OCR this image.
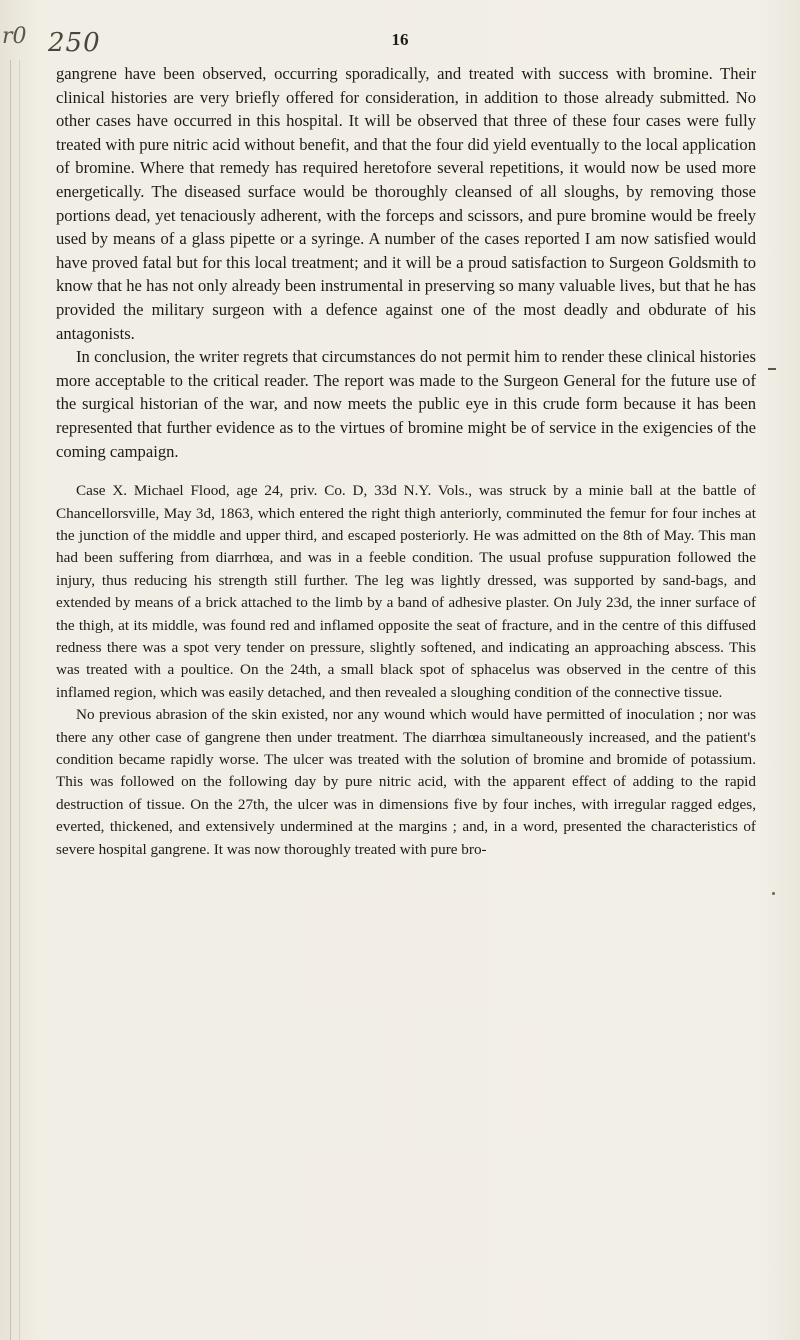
r0 250	16

gangrene have been observed, occurring sporadically, and treated with success with bromine. Their clinical histories are very briefly offered for consideration, in addition to those already submitted. No other cases have occurred in this hospital. It will be observed that three of these four cases were fully treated with pure nitric acid without benefit, and that the four did yield eventually to the local application of bromine. Where that remedy has required heretofore several repetitions, it would now be used more energetically. The diseased surface would be thoroughly cleansed of all sloughs, by removing those portions dead, yet tenaciously adherent, with the forceps and scissors, and pure bromine would be freely used by means of a glass pipette or a syringe. A number of the cases reported I am now satisfied would have proved fatal but for this local treatment; and it will be a proud satisfaction to Surgeon Goldsmith to know that he has not only already been instrumental in preserving so many valuable lives, but that he has provided the military surgeon with a defence against one of the most deadly and obdurate of his antagonists.

In conclusion, the writer regrets that circumstances do not permit him to render these clinical histories more acceptable to the critical reader. The report was made to the Surgeon General for the future use of the surgical historian of the war, and now meets the public eye in this crude form because it has been represented that further evidence as to the virtues of bromine might be of service in the exigencies of the coming campaign.

Case X. Michael Flood, age 24, priv. Co. D, 33d N.Y. Vols., was struck by a minie ball at the battle of Chancellorsville, May 3d, 1863, which entered the right thigh anteriorly, comminuted the femur for four inches at the junction of the middle and upper third, and escaped posteriorly. He was admitted on the 8th of May. This man had been suffering from diarrhœa, and was in a feeble condition. The usual profuse suppuration followed the injury, thus reducing his strength still further. The leg was lightly dressed, was supported by sand-bags, and extended by means of a brick attached to the limb by a band of adhesive plaster. On July 23d, the inner surface of the thigh, at its middle, was found red and inflamed opposite the seat of fracture, and in the centre of this diffused redness there was a spot very tender on pressure, slightly softened, and indicating an approaching abscess. This was treated with a poultice. On the 24th, a small black spot of sphacelus was observed in the centre of this inflamed region, which was easily detached, and then revealed a sloughing condition of the connective tissue.

No previous abrasion of the skin existed, nor any wound which would have permitted of inoculation ; nor was there any other case of gangrene then under treatment. The diarrhœa simultaneously increased, and the patient's condition became rapidly worse. The ulcer was treated with the solution of bromine and bromide of potassium. This was followed on the following day by pure nitric acid, with the apparent effect of adding to the rapid destruction of tissue. On the 27th, the ulcer was in dimensions five by four inches, with irregular ragged edges, everted, thickened, and extensively undermined at the margins ; and, in a word, presented the characteristics of severe hospital gangrene. It was now thoroughly treated with pure bro-
